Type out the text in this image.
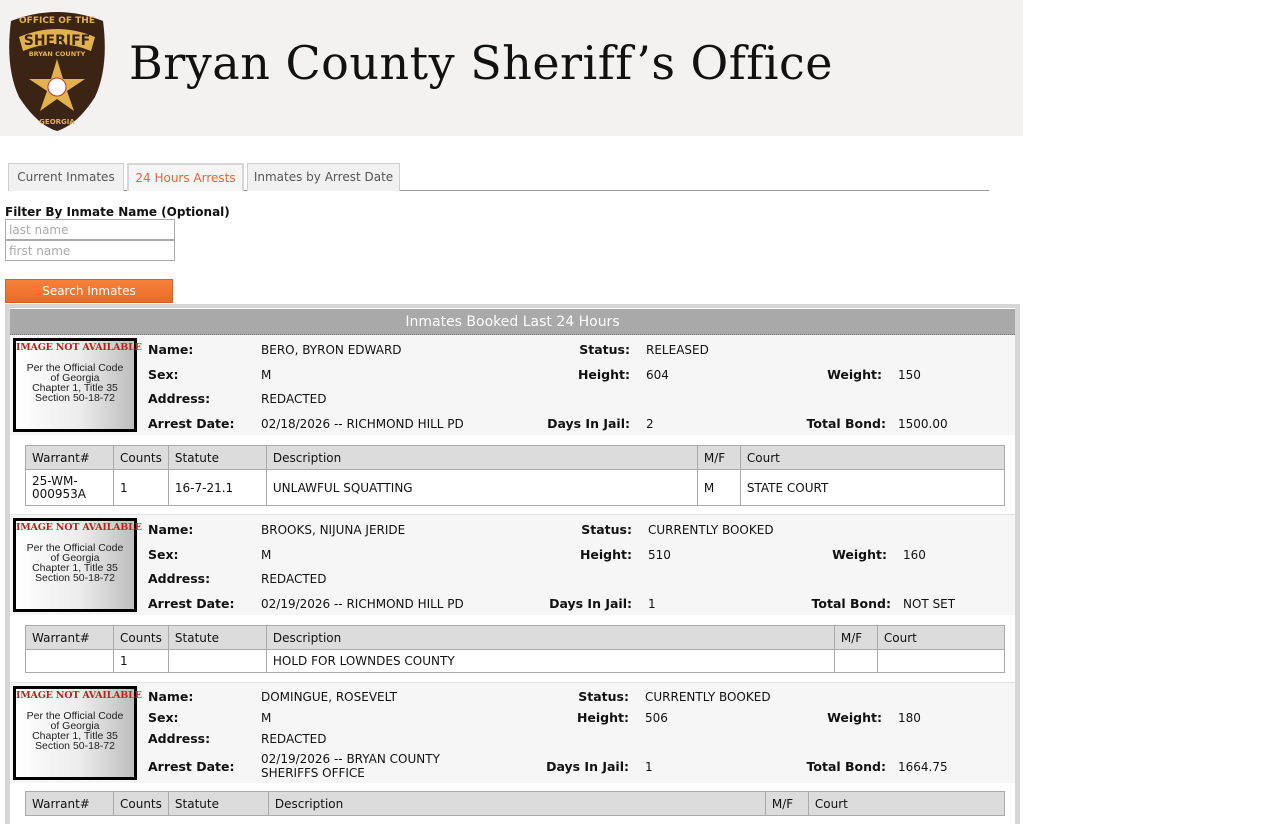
OFFICE OF THE
SHERIFF
BRYAN COUNTY
GEORGIA
Bryan County Sheriff’s Office
Current Inmates	24 Hours Arrests	Inmates by Arrest Date
Filter By Inmate Name (Optional)
last name
first name
Search Inmates
Inmates Booked Last 24 Hours
IMAGE NOT AVAILABLE
Per the Official Code
of Georgia
Chapter 1, Title 35
Section 50-18-72
Name:	BERO, BYRON EDWARD	Status: RELEASED
Sex:	M	Height: 604	Weight: 150
Address:	REDACTED
Arrest Date: 02/18/2026 -- RICHMOND HILL PD	Days In Jail: 2	Total Bond: 1500.00
Warrant#	Counts	Statute	Description	M/F	Court
25-WM-000953A	1	16-7-21.1	UNLAWFUL SQUATTING	M	STATE COURT
IMAGE NOT AVAILABLE
Per the Official Code
of Georgia
Chapter 1, Title 35
Section 50-18-72
Name:	BROOKS, NIJUNA JERIDE	Status: CURRENTLY BOOKED
Sex:	M	Height: 510	Weight: 160
Address:	REDACTED
Arrest Date: 02/19/2026 -- RICHMOND HILL PD	Days In Jail: 1	Total Bond: NOT SET
Warrant#	Counts	Statute	Description	M/F	Court
	1		HOLD FOR LOWNDES COUNTY		
IMAGE NOT AVAILABLE
Per the Official Code
of Georgia
Chapter 1, Title 35
Section 50-18-72
Name:	DOMINGUE, ROSEVELT	Status: CURRENTLY BOOKED
Sex:	M	Height: 506	Weight: 180
Address:	REDACTED
Arrest Date: 02/19/2026 -- BRYAN COUNTY SHERIFFS OFFICE	Days In Jail: 1	Total Bond: 1664.75
Warrant#	Counts	Statute	Description	M/F	Court
